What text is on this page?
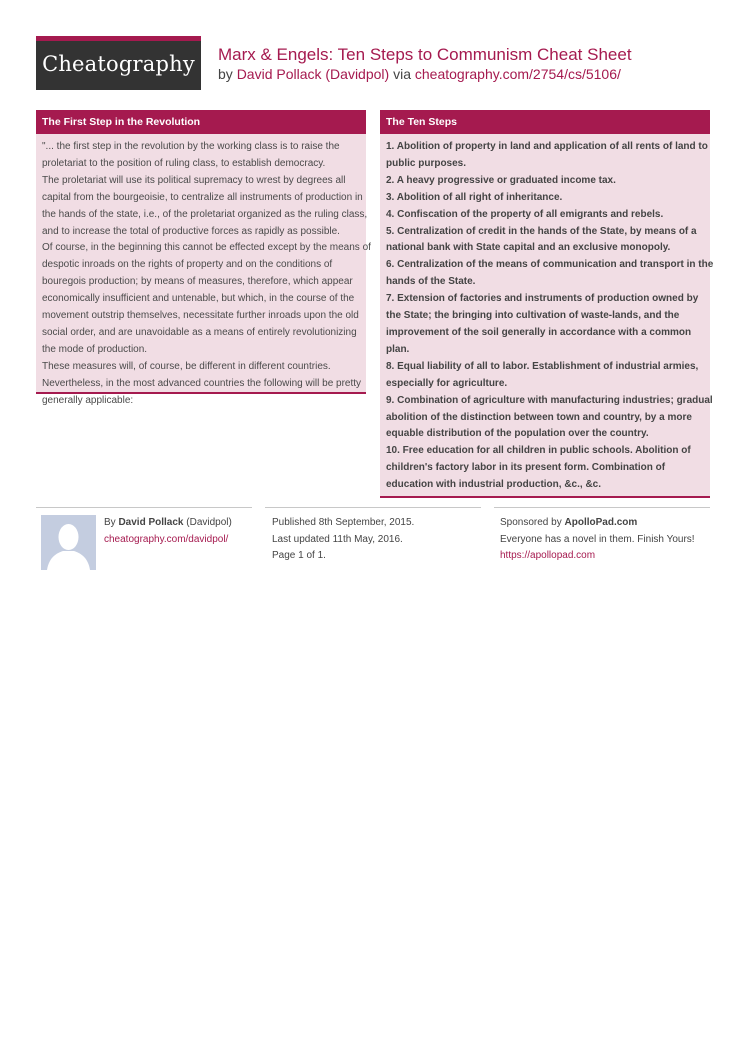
Cheatography	Marx & Engels: Ten Steps to Communism Cheat Sheet
by David Pollack (Davidpol) via cheatography.com/2754/cs/5106/
The First Step in the Revolution
"... the first step in the revolution by the working class is to raise the
proletariat to the position of ruling class, to establish democracy.
The proletariat will use its political supremacy to wrest by degrees all
capital from the bourgeoisie, to centralize all instruments of production in
the hands of the state, i.e., of the proletariat organized as the ruling class,
and to increase the total of productive forces as rapidly as possible.
Of course, in the beginning this cannot be effected except by the means of
despotic inroads on the rights of property and on the conditions of
bouregois production; by means of measures, therefore, which appear
economically insufficient and untenable, but which, in the course of the
movement outstrip themselves, necessitate further inroads upon the old
social order, and are unavoidable as a means of entirely revolutionizing
the mode of production.
These measures will, of course, be different in different countries.
Nevertheless, in the most advanced countries the following will be pretty
generally applicable:
The Ten Steps
1. Abolition of property in land and application of all rents of land to
public purposes.
2. A heavy progressive or graduated income tax.
3. Abolition of all right of inheritance.
4. Confiscation of the property of all emigrants and rebels.
5. Centralization of credit in the hands of the State, by means of a
national bank with State capital and an exclusive monopoly.
6. Centralization of the means of communication and transport in the
hands of the State.
7. Extension of factories and instruments of production owned by
the State; the bringing into cultivation of waste-lands, and the
improvement of the soil generally in accordance with a common
plan.
8. Equal liability of all to labor. Establishment of industrial armies,
especially for agriculture.
9. Combination of agriculture with manufacturing industries; gradual
abolition of the distinction between town and country, by a more
equable distribution of the population over the country.
10. Free education for all children in public schools. Abolition of
children's factory labor in its present form. Combination of
education with industrial production, &c., &c.
By David Pollack (Davidpol)
cheatography.com/davidpol/
Published 8th September, 2015.
Last updated 11th May, 2016.
Page 1 of 1.
Sponsored by ApolloPad.com
Everyone has a novel in them. Finish Yours!
https://apollopad.com
